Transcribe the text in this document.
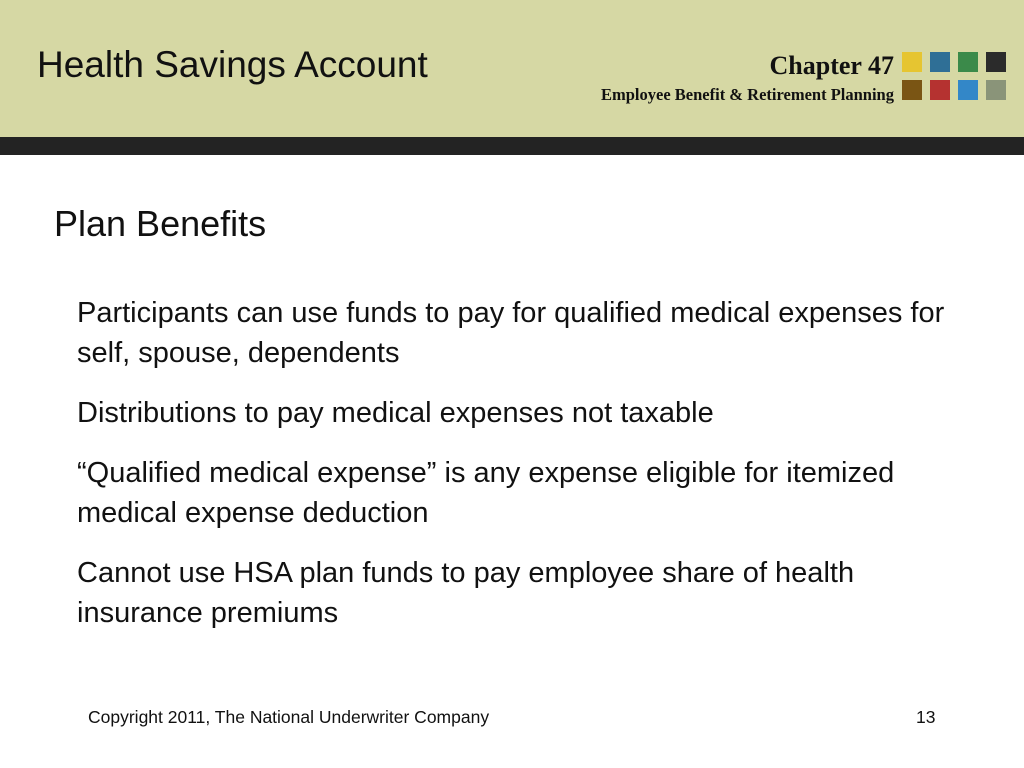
Health Savings Account	Chapter 47
Employee Benefit & Retirement Planning
Plan Benefits
Participants can use funds to pay for qualified medical expenses for self, spouse, dependents
Distributions to pay medical expenses not taxable
“Qualified medical expense” is any expense eligible for itemized medical expense deduction
Cannot use HSA plan funds to pay employee share of health insurance premiums
Copyright 2011, The National Underwriter Company	13
